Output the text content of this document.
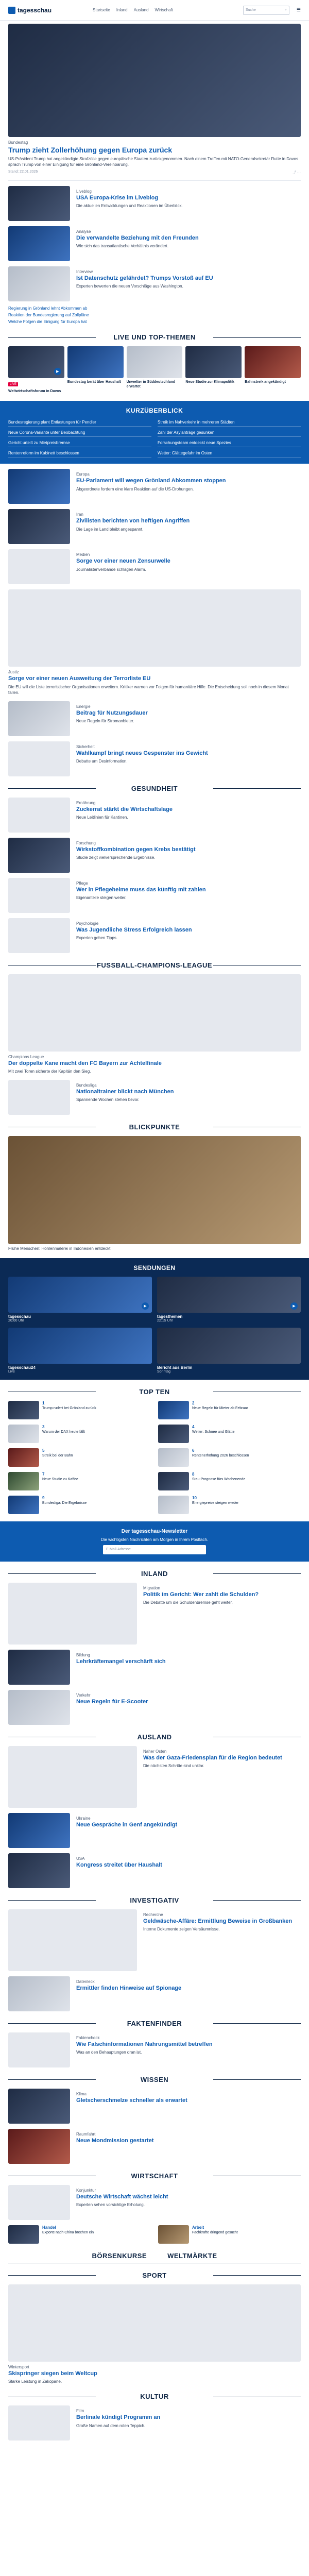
tagesschau	Startseite Inland Ausland Wirtschaft	Suche	⌕ ☰
Bundestag
Trump zieht Zollerhöhung gegen Europa zurück
US-Präsident Trump hat angekündigte Strafzölle gegen europäische Staaten zurückgenommen. Nach einem Treffen mit NATO-Generalsekretär Rutte in Davos sprach Trump von einer Einigung für eine Grönland-Vereinbarung.
Stand: 22.01.2026	⤴ ⋯
Liveblog
USA Europa-Krise im Liveblog
Die aktuellen Entwicklungen und Reaktionen im Überblick.
Analyse
Die verwandelte Beziehung mit den Freunden
Wie sich das transatlantische Verhältnis verändert.
Interview
Ist Datenschutz gefährdet? Trumps Vorstoß auf EU
Experten bewerten die neuen Vorschläge aus Washington.
Regierung in Grönland lehnt Abkommen ab
Reaktion der Bundesregierung auf Zollpläne
Welche Folgen die Einigung für Europa hat
LIVE UND TOP-THEMEN
▶
LIVE
Weltwirtschaftsforum in Davos
Bundestag berät über Haushalt	Unwetter in Süddeutschland erwartet
Neue Studie zur Klimapolitik	Bahnstreik angekündigt
KURZÜBERBLICK
Bundesregierung plant Entlastungen für Pendler	Streik im Nahverkehr in mehreren Städten
Neue Corona-Variante unter Beobachtung	Zahl der Asylanträge gesunken
Gericht urteilt zu Mietpreisbremse	Forschungsteam entdeckt neue Spezies
Rentenreform im Kabinett beschlossen	Wetter: Glättegefahr im Osten
Europa
EU-Parlament will wegen Grönland Abkommen stoppen
Abgeordnete fordern eine klare Reaktion auf die US-Drohungen.
Iran
Zivilisten berichten von heftigen Angriffen
Die Lage im Land bleibt angespannt.
Medien
Sorge vor einer neuen Zensurwelle
Journalistenverbände schlagen Alarm.
Justiz
Sorge vor einer neuen Ausweitung der Terrorliste EU
Die EU will die Liste terroristischer Organisationen erweitern. Kritiker warnen vor Folgen für humanitäre Hilfe. Die Entscheidung soll noch in diesem Monat fallen.
Energie
Beitrag für Nutzungsdauer
Neue Regeln für Stromanbieter.
Sicherheit
Wahlkampf bringt neues Gespenster ins Gewicht
Debatte um Desinformation.
GESUNDHEIT
Ernährung
Zuckerrat stärkt die Wirtschaftslage
Neue Leitlinien für Kantinen.
Forschung
Wirkstoffkombination gegen Krebs bestätigt
Studie zeigt vielversprechende Ergebnisse.
Pflege
Wer in Pflegeheime muss das künftig mit zahlen
Eigenanteile steigen weiter.
Psychologie
Was Jugendliche Stress Erfolgreich lassen
Experten geben Tipps.
FUSSBALL-CHAMPIONS-LEAGUE
Champions League
Der doppelte Kane macht den FC Bayern zur Achtelfinale
Mit zwei Toren sicherte der Kapitän den Sieg.
Bundesliga
Nationaltrainer blickt nach München
Spannende Wochen stehen bevor.
BLICKPUNKTE
Frühe Menschen: Höhlenmalerei in Indonesien entdeckt
SENDUNGEN
▶
tagesschau
20:00 Uhr
▶
tagesthemen
22:15 Uhr
tagesschau24
Live
Bericht aus Berlin
Sonntag
TOP TEN
1
Trump rudert bei Grönland zurück
2
Neue Regeln für Mieter ab Februar
3
Warum der DAX heute fällt
4
Wetter: Schnee und Glätte
5
Streik bei der Bahn
6
Rentenerhöhung 2026 beschlossen
7
Neue Studie zu Kaffee
8
Stau-Prognose fürs Wochenende
9
Bundesliga: Die Ergebnisse
10
Energiepreise steigen wieder
Der tagesschau-Newsletter
Die wichtigsten Nachrichten am Morgen in Ihrem Postfach.
E-Mail-Adresse
INLAND
Migration
Politik im Gericht: Wer zahlt die Schulden?
Die Debatte um die Schuldenbremse geht weiter.
Bildung
Lehrkräftemangel verschärft sich
Verkehr
Neue Regeln für E-Scooter
AUSLAND
Naher Osten
Was der Gaza-Friedensplan für die Region bedeutet
Die nächsten Schritte sind unklar.
Ukraine
Neue Gespräche in Genf angekündigt
USA
Kongress streitet über Haushalt
INVESTIGATIV
Recherche
Geldwäsche-Affäre: Ermittlung Beweise in Großbanken
Interne Dokumente zeigen Versäumnisse.
Datenleck
Ermittler finden Hinweise auf Spionage
FAKTENFINDER
Faktencheck
Wie Falschinformationen Nahrungsmittel betreffen
Was an den Behauptungen dran ist.
WISSEN
Klima
Gletscherschmelze schneller als erwartet
Raumfahrt
Neue Mondmission gestartet
WIRTSCHAFT
Konjunktur
Deutsche Wirtschaft wächst leicht
Experten sehen vorsichtige Erholung.
Handel
Exporte nach China brechen ein
Arbeit
Fachkräfte dringend gesucht
BÖRSENKURSE	WELTMÄRKTE
SPORT
Wintersport
Skispringer siegen beim Weltcup
Starke Leistung in Zakopane.
KULTUR
Film
Berlinale kündigt Programm an
Große Namen auf dem roten Teppich.
